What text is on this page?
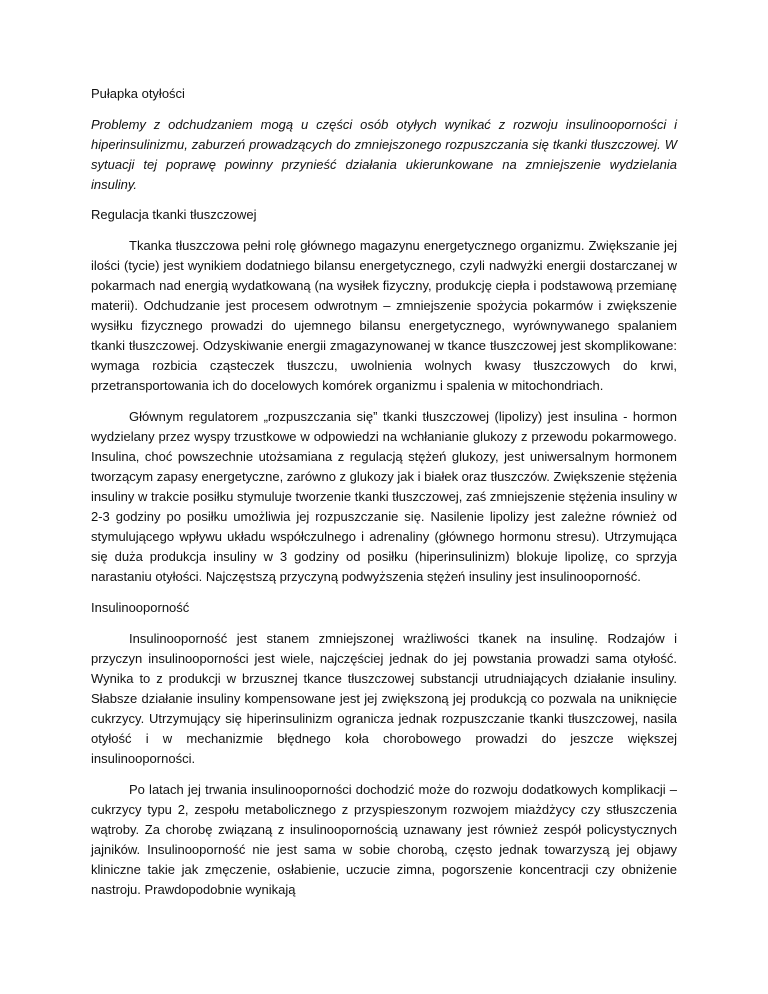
Pułapka otyłości

Problemy z odchudzaniem mogą u części osób otyłych wynikać z rozwoju insulinooporności i hiperinsulinizmu, zaburzeń prowadzących do zmniejszonego rozpuszczania się tkanki tłuszczowej. W sytuacji tej poprawę powinny przynieść działania ukierunkowane na zmniejszenie wydzielania insuliny.

Regulacja tkanki tłuszczowej

Tkanka tłuszczowa pełni rolę głównego magazynu energetycznego organizmu. Zwiększanie jej ilości (tycie) jest wynikiem dodatniego bilansu energetycznego, czyli nadwyżki energii dostarczanej w pokarmach nad energią wydatkowaną (na wysiłek fizyczny, produkcję ciepła i podstawową przemianę materii). Odchudzanie jest procesem odwrotnym – zmniejszenie spożycia pokarmów i zwiększenie wysiłku fizycznego prowadzi do ujemnego bilansu energetycznego, wyrównywanego spalaniem tkanki tłuszczowej. Odzyskiwanie energii zmagazynowanej w tkance tłuszczowej jest skomplikowane: wymaga rozbicia cząsteczek tłuszczu, uwolnienia wolnych kwasy tłuszczowych do krwi, przetransportowania ich do docelowych komórek organizmu i spalenia w mitochondriach.

Głównym regulatorem „rozpuszczania się” tkanki tłuszczowej (lipolizy) jest insulina - hormon wydzielany przez wyspy trzustkowe w odpowiedzi na wchłanianie glukozy z przewodu pokarmowego. Insulina, choć powszechnie utożsamiana z regulacją stężeń glukozy, jest uniwersalnym hormonem tworzącym zapasy energetyczne, zarówno z glukozy jak i białek oraz tłuszczów. Zwiększenie stężenia insuliny w trakcie posiłku stymuluje tworzenie tkanki tłuszczowej, zaś zmniejszenie stężenia insuliny w 2-3 godziny po posiłku umożliwia jej rozpuszczanie się. Nasilenie lipolizy jest zależne również od stymulującego wpływu układu współczulnego i adrenaliny (głównego hormonu stresu). Utrzymująca się duża produkcja insuliny w 3 godziny od posiłku (hiperinsulinizm) blokuje lipolizę, co sprzyja narastaniu otyłości. Najczęstszą przyczyną podwyższenia stężeń insuliny jest insulinooporność.

Insulinooporność

Insulinooporność jest stanem zmniejszonej wrażliwości tkanek na insulinę. Rodzajów i przyczyn insulinooporności jest wiele, najczęściej jednak do jej powstania prowadzi sama otyłość. Wynika to z produkcji w brzusznej tkance tłuszczowej substancji utrudniających działanie insuliny. Słabsze działanie insuliny kompensowane jest jej zwiększoną jej produkcją co pozwala na uniknięcie cukrzycy. Utrzymujący się hiperinsulinizm ogranicza jednak rozpuszczanie tkanki tłuszczowej, nasila otyłość i w mechanizmie błędnego koła chorobowego prowadzi do jeszcze większej insulinooporności.

Po latach jej trwania insulinooporności dochodzić może do rozwoju dodatkowych komplikacji – cukrzycy typu 2, zespołu metabolicznego z przyspieszonym rozwojem miażdżycy czy stłuszczenia wątroby. Za chorobę związaną z insulinoopornością uznawany jest również zespół policystycznych jajników. Insulinooporność nie jest sama w sobie chorobą, często jednak towarzyszą jej objawy kliniczne takie jak zmęczenie, osłabienie, uczucie zimna, pogorszenie koncentracji czy obniżenie nastroju. Prawdopodobnie wynikają
